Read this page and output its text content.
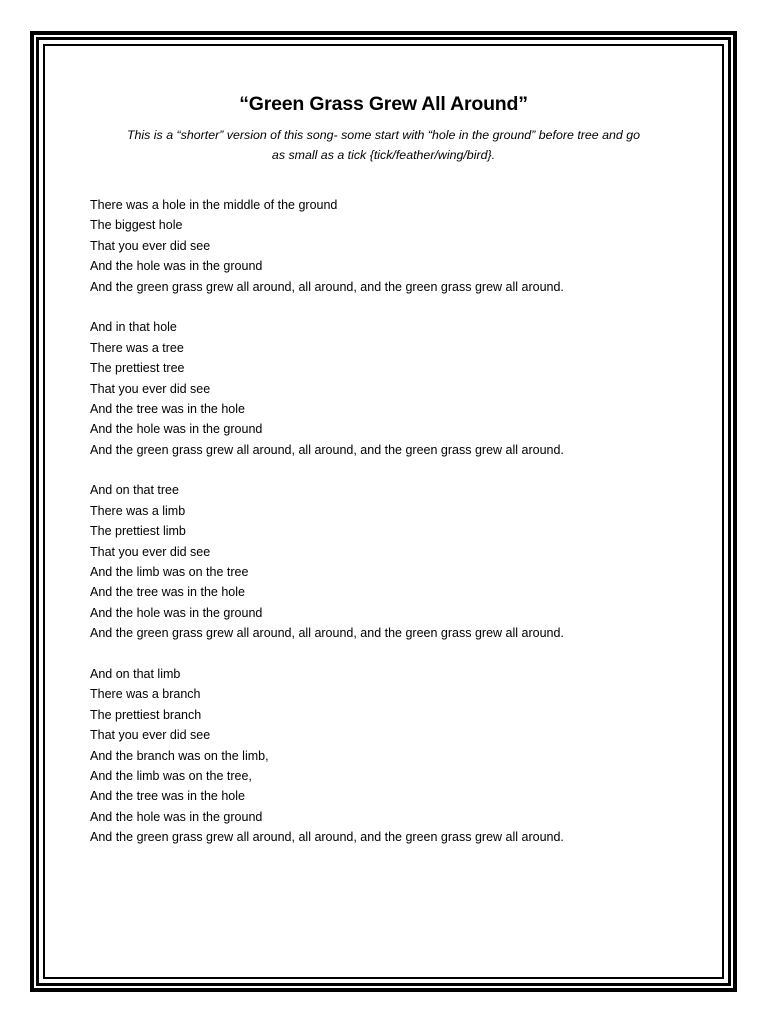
“Green Grass Grew All Around”
This is a “shorter” version of this song- some start with “hole in the ground” before tree and go
as small as a tick {tick/feather/wing/bird}.
There was a hole in the middle of the ground
The biggest hole
That you ever did see
And the hole was in the ground
And the green grass grew all around, all around, and the green grass grew all around.
And in that hole
There was a tree
The prettiest tree
That you ever did see
And the tree was in the hole
And the hole was in the ground
And the green grass grew all around, all around, and the green grass grew all around.
And on that tree
There was a limb
The prettiest limb
That you ever did see
And the limb was on the tree
And the tree was in the hole
And the hole was in the ground
And the green grass grew all around, all around, and the green grass grew all around.
And on that limb
There was a branch
The prettiest branch
That you ever did see
And the branch was on the limb,
And the limb was on the tree,
And the tree was in the hole
And the hole was in the ground
And the green grass grew all around, all around, and the green grass grew all around.
